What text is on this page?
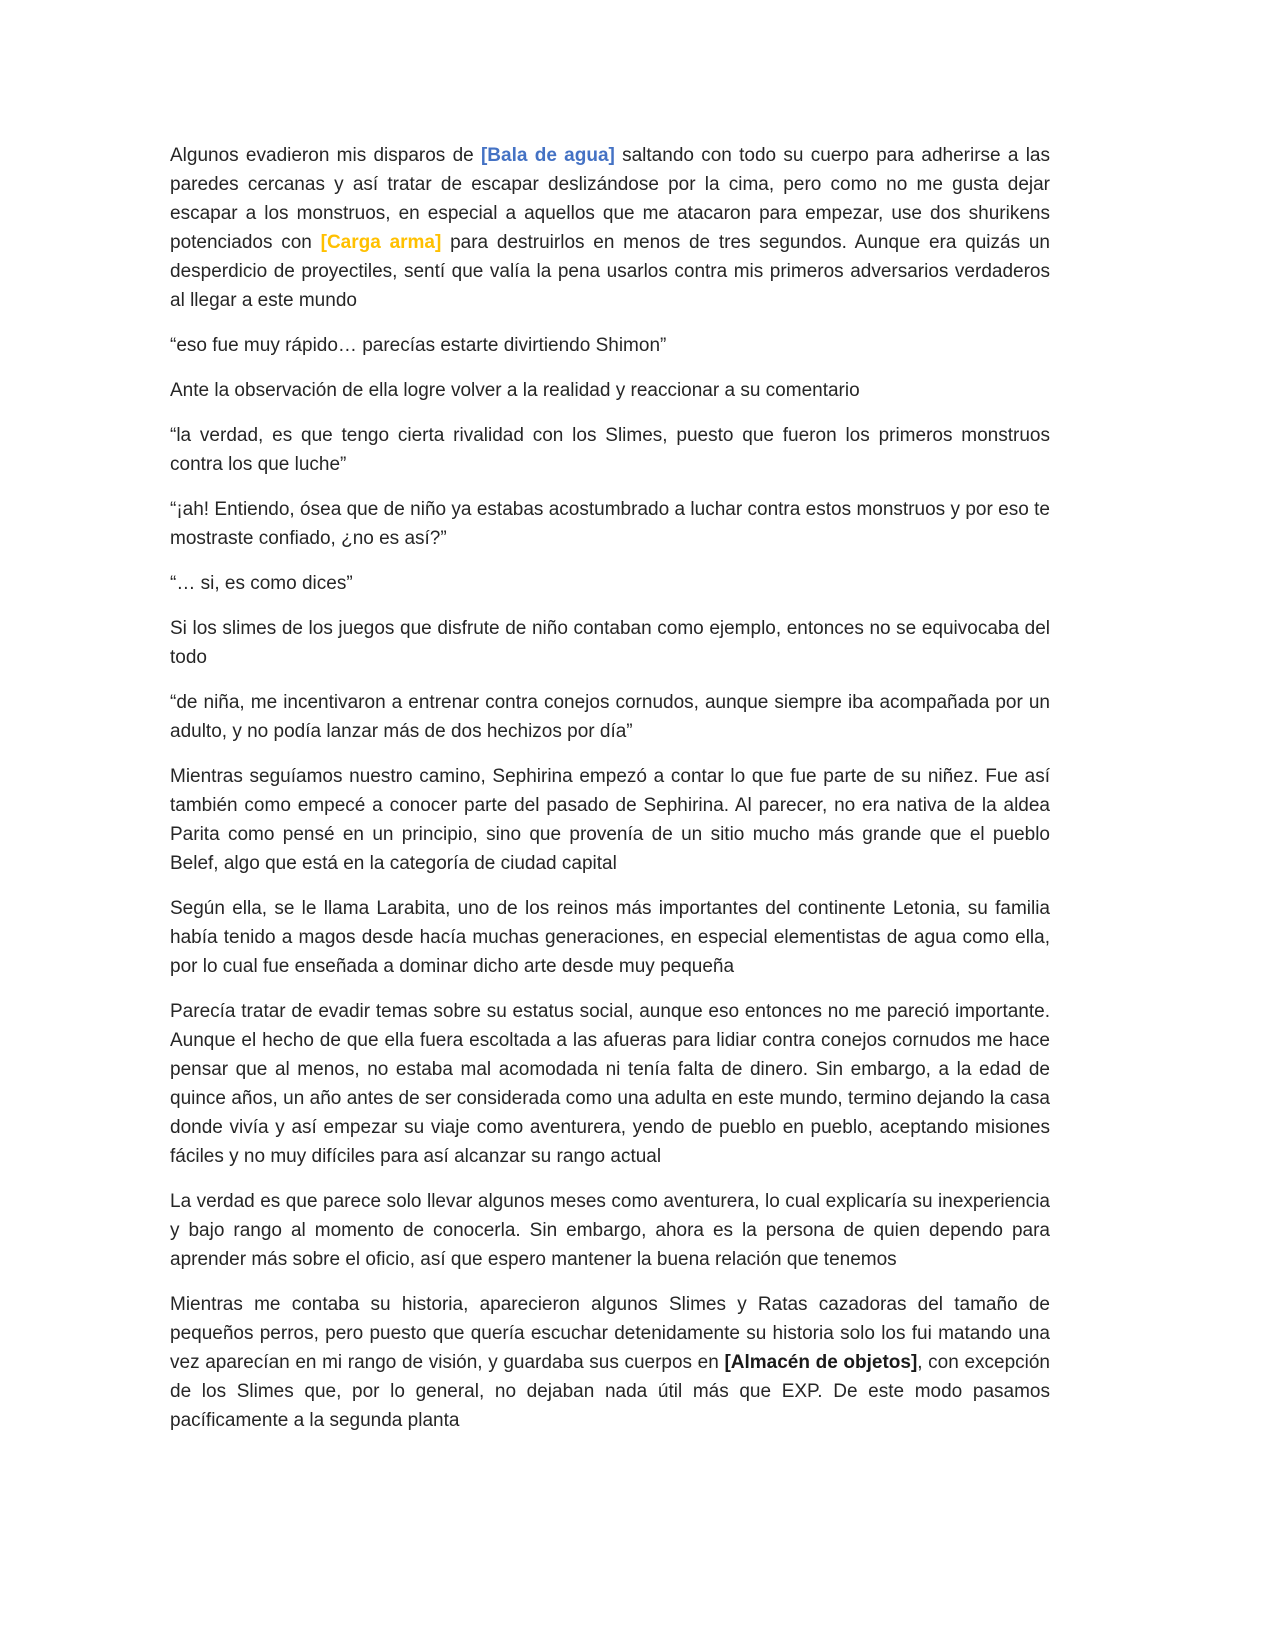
Algunos evadieron mis disparos de [Bala de agua] saltando con todo su cuerpo para adherirse a las paredes cercanas y así tratar de escapar deslizándose por la cima, pero como no me gusta dejar escapar a los monstruos, en especial a aquellos que me atacaron para empezar, use dos shurikens potenciados con [Carga arma] para destruirlos en menos de tres segundos. Aunque era quizás un desperdicio de proyectiles, sentí que valía la pena usarlos contra mis primeros adversarios verdaderos al llegar a este mundo

“eso fue muy rápido… parecías estarte divirtiendo Shimon”

Ante la observación de ella logre volver a la realidad y reaccionar a su comentario

“la verdad, es que tengo cierta rivalidad con los Slimes, puesto que fueron los primeros monstruos contra los que luche”

“¡ah! Entiendo, ósea que de niño ya estabas acostumbrado a luchar contra estos monstruos y por eso te mostraste confiado, ¿no es así?”

“… si, es como dices”

Si los slimes de los juegos que disfrute de niño contaban como ejemplo, entonces no se equivocaba del todo

“de niña, me incentivaron a entrenar contra conejos cornudos, aunque siempre iba acompañada por un adulto, y no podía lanzar más de dos hechizos por día”

Mientras seguíamos nuestro camino, Sephirina empezó a contar lo que fue parte de su niñez. Fue así también como empecé a conocer parte del pasado de Sephirina. Al parecer, no era nativa de la aldea Parita como pensé en un principio, sino que provenía de un sitio mucho más grande que el pueblo Belef, algo que está en la categoría de ciudad capital

Según ella, se le llama Larabita, uno de los reinos más importantes del continente Letonia, su familia había tenido a magos desde hacía muchas generaciones, en especial elementistas de agua como ella, por lo cual fue enseñada a dominar dicho arte desde muy pequeña

Parecía tratar de evadir temas sobre su estatus social, aunque eso entonces no me pareció importante. Aunque el hecho de que ella fuera escoltada a las afueras para lidiar contra conejos cornudos me hace pensar que al menos, no estaba mal acomodada ni tenía falta de dinero. Sin embargo, a la edad de quince años, un año antes de ser considerada como una adulta en este mundo, termino dejando la casa donde vivía y así empezar su viaje como aventurera, yendo de pueblo en pueblo, aceptando misiones fáciles y no muy difíciles para así alcanzar su rango actual

La verdad es que parece solo llevar algunos meses como aventurera, lo cual explicaría su inexperiencia y bajo rango al momento de conocerla. Sin embargo, ahora es la persona de quien dependo para aprender más sobre el oficio, así que espero mantener la buena relación que tenemos

Mientras me contaba su historia, aparecieron algunos Slimes y Ratas cazadoras del tamaño de pequeños perros, pero puesto que quería escuchar detenidamente su historia solo los fui matando una vez aparecían en mi rango de visión, y guardaba sus cuerpos en [Almacén de objetos], con excepción de los Slimes que, por lo general, no dejaban nada útil más que EXP. De este modo pasamos pacíficamente a la segunda planta
